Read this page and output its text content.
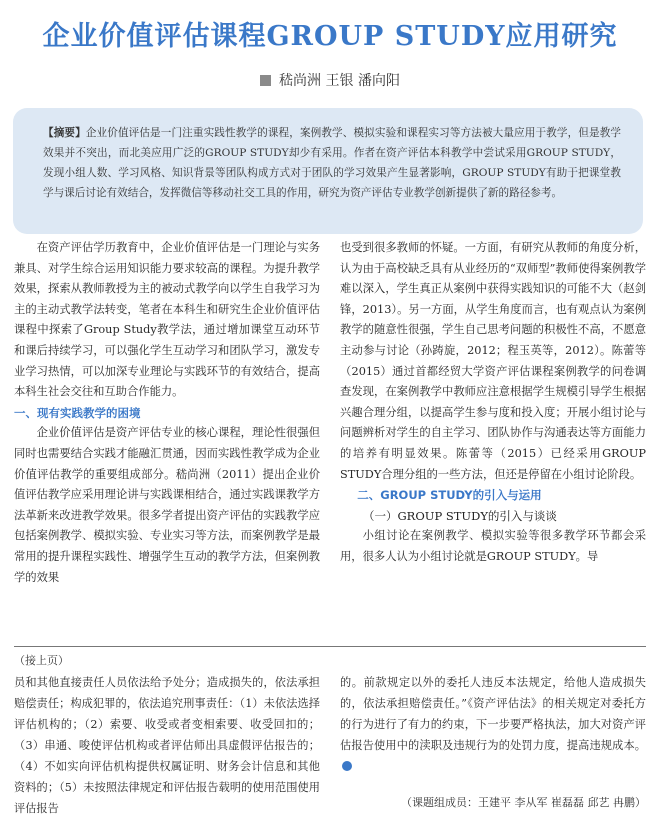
企业价值评估课程GROUP STUDY应用研究
嵇尚洲 王银 潘向阳
【摘要】企业价值评估是一门注重实践性教学的课程，案例教学、模拟实验和课程实习等方法被大量应用于教学，但是教学效果并不突出，而北美应用广泛的GROUP STUDY却少有采用。作者在资产评估本科教学中尝试采用GROUP STUDY，发现小组人数、学习风格、知识背景等团队构成方式对于团队的学习效果产生显著影响，GROUP STUDY有助于把课堂教学与课后讨论有效结合，发挥微信等移动社交工具的作用，研究为资产评估专业教学创新提供了新的路径参考。

在资产评估学历教育中，企业价值评估是一门理论与实务兼具、对学生综合运用知识能力要求较高的课程。为提升教学效果，探索从教师教授为主的被动式教学向以学生自我学习为主的主动式教学法转变，笔者在本科生和研究生企业价值评估课程中探索了Group Study教学法，通过增加课堂互动环节和课后持续学习，可以强化学生互动学习和团队学习，激发专业学习热情，可以加深专业理论与实践环节的有效结合，提高本科生社会交往和互助合作能力。

一、现有实践教学的困境

企业价值评估是资产评估专业的核心课程，理论性很强但同时也需要结合实践才能融汇贯通，因而实践性教学成为企业价值评估教学的重要组成部分。嵇尚洲（2011）提出企业价值评估教学应采用理论讲与实践课相结合，通过实践课教学方法革新来改进教学效果。很多学者提出资产评估的实践教学应包括案例教学、模拟实验、专业实习等方法，而案例教学是最常用的提升课程实践性、增强学生互动的教学方法，但案例教学的效果

也受到很多教师的怀疑。一方面，有研究从教师的角度分析，认为由于高校缺乏具有从业经历的“双师型”教师使得案例教学难以深入，学生真正从案例中获得实践知识的可能不大（赵剑锋，2013）。另一方面，从学生角度而言，也有观点认为案例教学的随意性很强，学生自己思考问题的积极性不高，不愿意主动参与讨论（孙踌旋，2012；程玉英等，2012）。陈蕾等（2015）通过首都经贸大学资产评估课程案例教学的问卷调查发现，在案例教学中教师应注意根据学生规模引导学生根据兴趣合理分组，以提高学生参与度和投入度；开展小组讨论与问题辨析对学生的自主学习、团队协作与沟通表达等方面能力的培养有明显效果。陈蕾等（2015）已经采用GROUP STUDY合理分组的一些方法，但还是停留在小组讨论阶段。

二、GROUP STUDY的引入与运用

（一）GROUP STUDY的引入与谈谈

小组讨论在案例教学、模拟实验等很多教学环节都会采用，很多人认为小组讨论就是GROUP STUDY。导

（接上页）

员和其他直接责任人员依法给予处分；造成损失的，依法承担赔偿责任；构成犯罪的，依法追究刑事责任：（1）未依法选择评估机构的；（2）索要、收受或者变相索要、收受回扣的；（3）串通、唆使评估机构或者评估师出具虚假评估报告的；（4）不如实向评估机构提供权属证明、财务会计信息和其他资料的；（5）未按照法律规定和评估报告载明的使用范围使用评估报告

的。前款规定以外的委托人违反本法规定，给他人造成损失的，依法承担赔偿责任。”《资产评估法》的相关规定对委托方的行为进行了有力的约束，下一步要严格执法，加大对资产评估报告使用中的渎职及违规行为的处罚力度，提高违规成本。

（课题组成员：王建平 李从军 崔磊磊 邱艺 冉鹏）
